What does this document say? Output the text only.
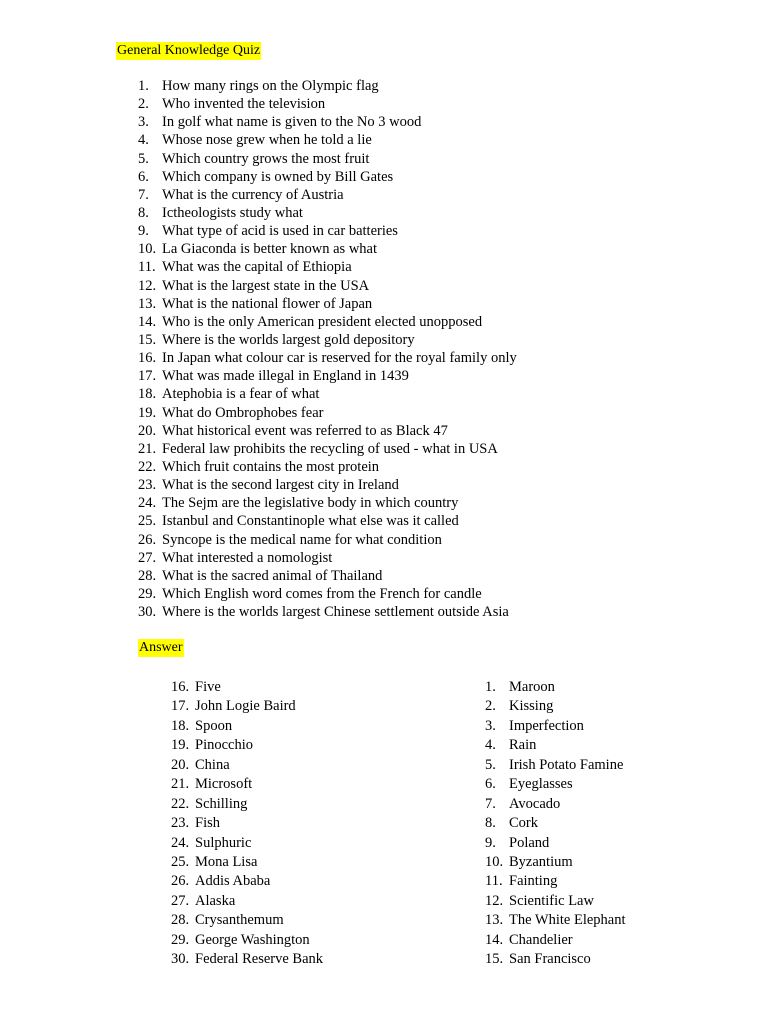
General Knowledge Quiz
1. How many rings on the Olympic flag
2. Who invented the television
3. In golf what name is given to the No 3 wood
4. Whose nose grew when he told a lie
5. Which country grows the most fruit
6. Which company is owned by Bill Gates
7. What is the currency of Austria
8. Ictheologists study what
9. What type of acid is used in car batteries
10. La Giaconda is better known as what
11. What was the capital of Ethiopia
12. What is the largest state in the USA
13. What is the national flower of Japan
14. Who is the only American president elected unopposed
15. Where is the worlds largest gold depository
16. In Japan what colour car is reserved for the royal family only
17. What was made illegal in England in 1439
18. Atephobia is a fear of what
19. What do Ombrophobes fear
20. What historical event was referred to as Black 47
21. Federal law prohibits the recycling of used - what in USA
22. Which fruit contains the most protein
23. What is the second largest city in Ireland
24. The Sejm are the legislative body in which country
25. Istanbul and Constantinople what else was it called
26. Syncope is the medical name for what condition
27. What interested a nomologist
28. What is the sacred animal of Thailand
29. Which English word comes from the French for candle
30. Where is the worlds largest Chinese settlement outside Asia
Answer
16. Five
17. John Logie Baird
18. Spoon
19. Pinocchio
20. China
21. Microsoft
22. Schilling
23. Fish
24. Sulphuric
25. Mona Lisa
26. Addis Ababa
27. Alaska
28. Crysanthemum
29. George Washington
30. Federal Reserve Bank
1. Maroon
2. Kissing
3. Imperfection
4. Rain
5. Irish Potato Famine
6. Eyeglasses
7. Avocado
8. Cork
9. Poland
10. Byzantium
11. Fainting
12. Scientific Law
13. The White Elephant
14. Chandelier
15. San Francisco
